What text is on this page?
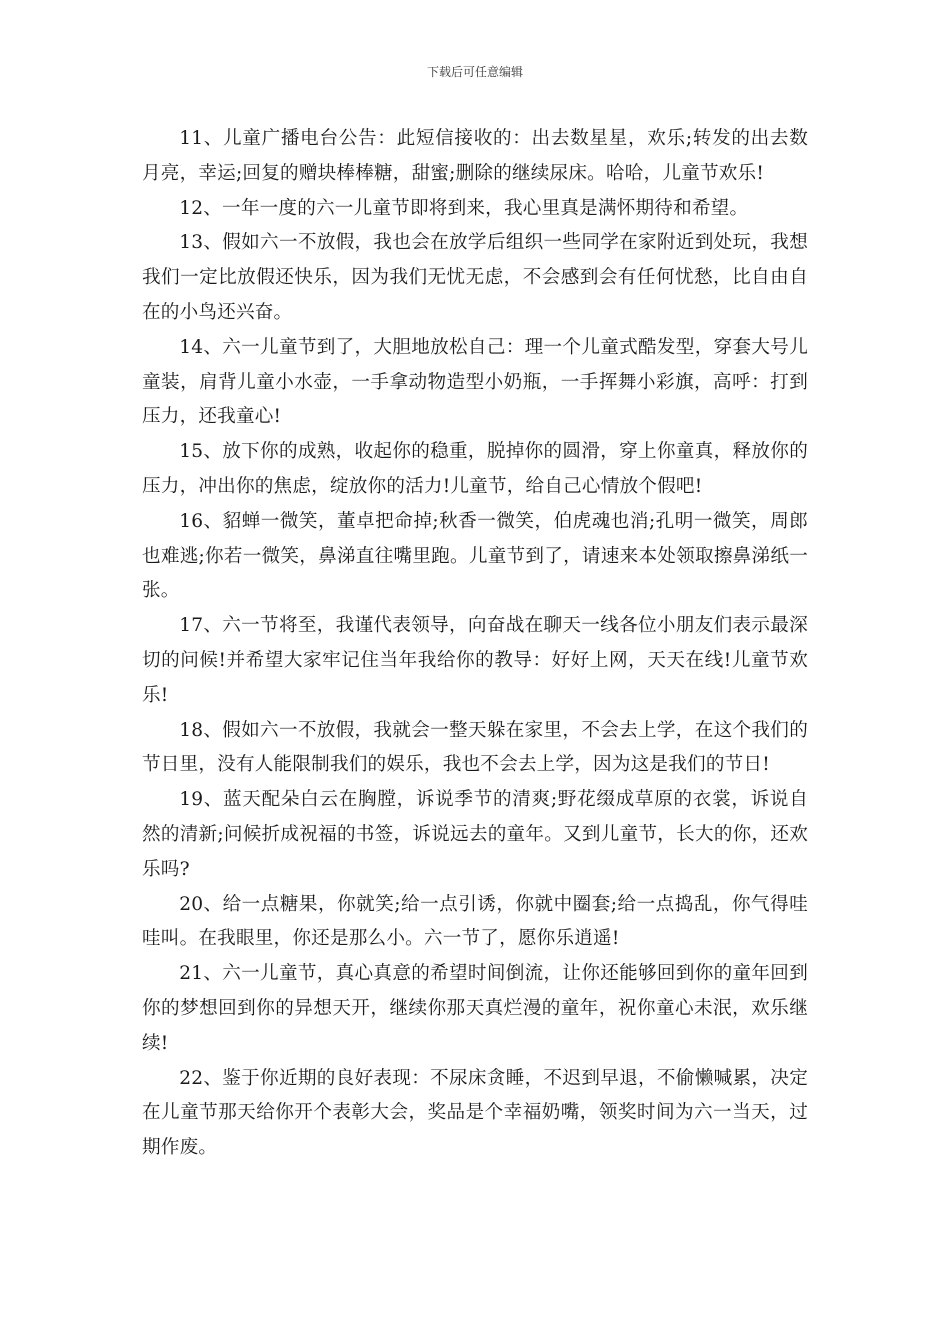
下载后可任意编辑

11、儿童广播电台公告：此短信接收的：出去数星星，欢乐;转发的出去数月亮，幸运;回复的赠块棒棒糖，甜蜜;删除的继续尿床。哈哈，儿童节欢乐!

12、一年一度的六一儿童节即将到来，我心里真是满怀期待和希望。

13、假如六一不放假，我也会在放学后组织一些同学在家附近到处玩，我想我们一定比放假还快乐，因为我们无忧无虑，不会感到会有任何忧愁，比自由自在的小鸟还兴奋。

14、六一儿童节到了，大胆地放松自己：理一个儿童式酷发型，穿套大号儿童装，肩背儿童小水壶，一手拿动物造型小奶瓶，一手挥舞小彩旗，高呼：打到压力，还我童心!

15、放下你的成熟，收起你的稳重，脱掉你的圆滑，穿上你童真，释放你的压力，冲出你的焦虑，绽放你的活力!儿童节，给自己心情放个假吧!

16、貂蝉一微笑，董卓把命掉;秋香一微笑，伯虎魂也消;孔明一微笑，周郎也难逃;你若一微笑，鼻涕直往嘴里跑。儿童节到了，请速来本处领取擦鼻涕纸一张。

17、六一节将至，我谨代表领导，向奋战在聊天一线各位小朋友们表示最深切的问候!并希望大家牢记住当年我给你的教导：好好上网，天天在线!儿童节欢乐!

18、假如六一不放假，我就会一整天躲在家里，不会去上学，在这个我们的节日里，没有人能限制我们的娱乐，我也不会去上学，因为这是我们的节日!

19、蓝天配朵白云在胸膛，诉说季节的清爽;野花缀成草原的衣裳，诉说自然的清新;问候折成祝福的书签，诉说远去的童年。又到儿童节，长大的你，还欢乐吗?

20、给一点糖果，你就笑;给一点引诱，你就中圈套;给一点捣乱，你气得哇哇叫。在我眼里，你还是那么小。六一节了，愿你乐逍遥!

21、六一儿童节，真心真意的希望时间倒流，让你还能够回到你的童年回到你的梦想回到你的异想天开，继续你那天真烂漫的童年，祝你童心未泯，欢乐继续!

22、鉴于你近期的良好表现：不尿床贪睡，不迟到早退，不偷懒喊累，决定在儿童节那天给你开个表彰大会，奖品是个幸福奶嘴，领奖时间为六一当天，过期作废。
